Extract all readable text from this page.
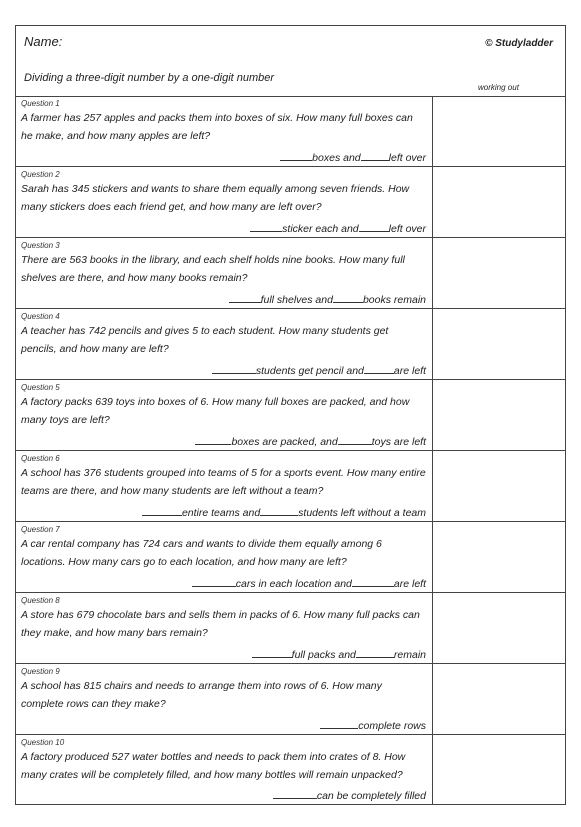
Name:	© Studyladder
Dividing a three-digit number by a one-digit number
working out
Question 1
A farmer has 257 apples and packs them into boxes of six. How many full boxes can he make, and how many apples are left?
boxes and	left over
Question 2
Sarah has 345 stickers and wants to share them equally among seven friends. How many stickers does each friend get, and how many are left over?
sticker each and	left over
Question 3
There are 563 books in the library, and each shelf holds nine books. How many full shelves are there, and how many books remain?
full shelves and	books remain
Question 4
A teacher has 742 pencils and gives 5 to each student. How many students get pencils, and how many are left?
students get pencil and	are left
Question 5
A factory packs 639 toys into boxes of 6. How many full boxes are packed, and how many toys are left?
boxes are packed, and	toys are left
Question 6
A school has 376 students grouped into teams of 5 for a sports event. How many entire teams are there, and how many students are left without a team?
entire teams and	students left without a team
Question 7
A car rental company has 724 cars and wants to divide them equally among 6 locations. How many cars go to each location, and how many are left?
cars in each location and	are left
Question 8
A store has 679 chocolate bars and sells them in packs of 6. How many full packs can they make, and how many bars remain?
full packs and	remain
Question 9
A school has 815 chairs and needs to arrange them into rows of 6. How many complete rows can they make?
complete rows
Question 10
A factory produced 527 water bottles and needs to pack them into crates of 8. How many crates will be completely filled, and how many bottles will remain unpacked?
can be completely filled
